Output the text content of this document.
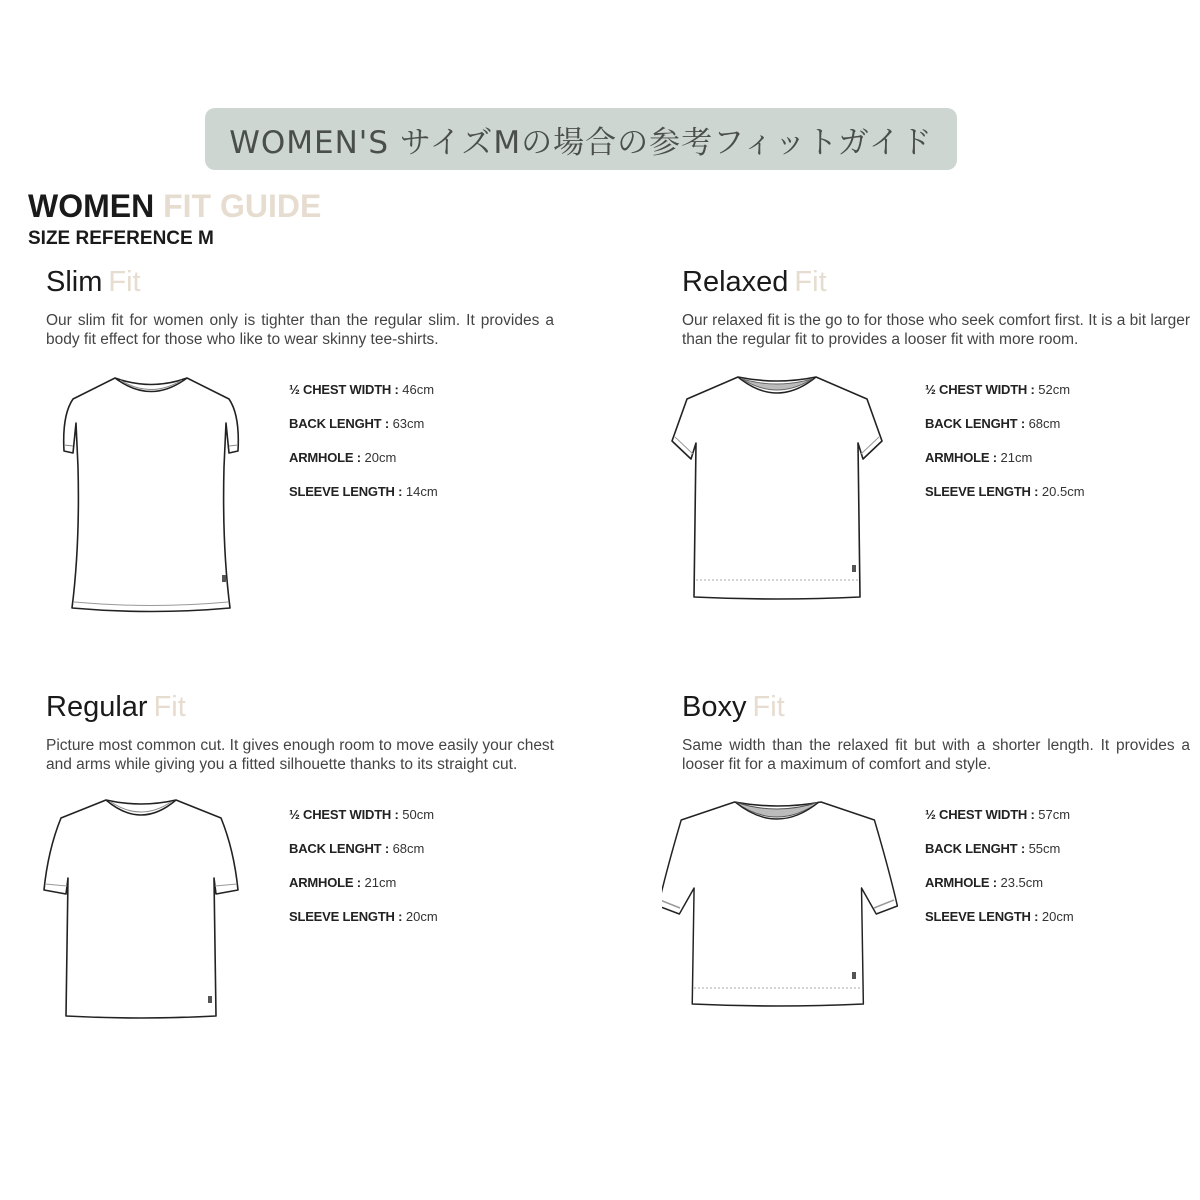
WOMEN'S サイズMの場合の参考フィットガイド
WOMEN FIT GUIDE
SIZE REFERENCE M
Slim Fit
Our slim fit for women only is tighter than the regular slim. It provides a body fit effect for those who like to wear skinny tee-shirts.
½ CHEST WIDTH : 46cm
BACK LENGHT : 63cm
ARMHOLE : 20cm
SLEEVE LENGTH : 14cm
Relaxed Fit
Our relaxed fit is the go to for those who seek comfort first. It is a bit larger than the regular fit to provides a looser fit with more room.
½ CHEST WIDTH : 52cm
BACK LENGHT : 68cm
ARMHOLE : 21cm
SLEEVE LENGTH : 20.5cm
Regular Fit
Picture most common cut. It gives enough room to move easily your chest and arms while giving you a fitted silhouette thanks to its straight cut.
½ CHEST WIDTH : 50cm
BACK LENGHT : 68cm
ARMHOLE : 21cm
SLEEVE LENGTH : 20cm
Boxy Fit
Same width than the relaxed fit but with a shorter length. It provides a looser fit for a maximum of comfort and style.
½ CHEST WIDTH : 57cm
BACK LENGHT : 55cm
ARMHOLE : 23.5cm
SLEEVE LENGTH : 20cm
